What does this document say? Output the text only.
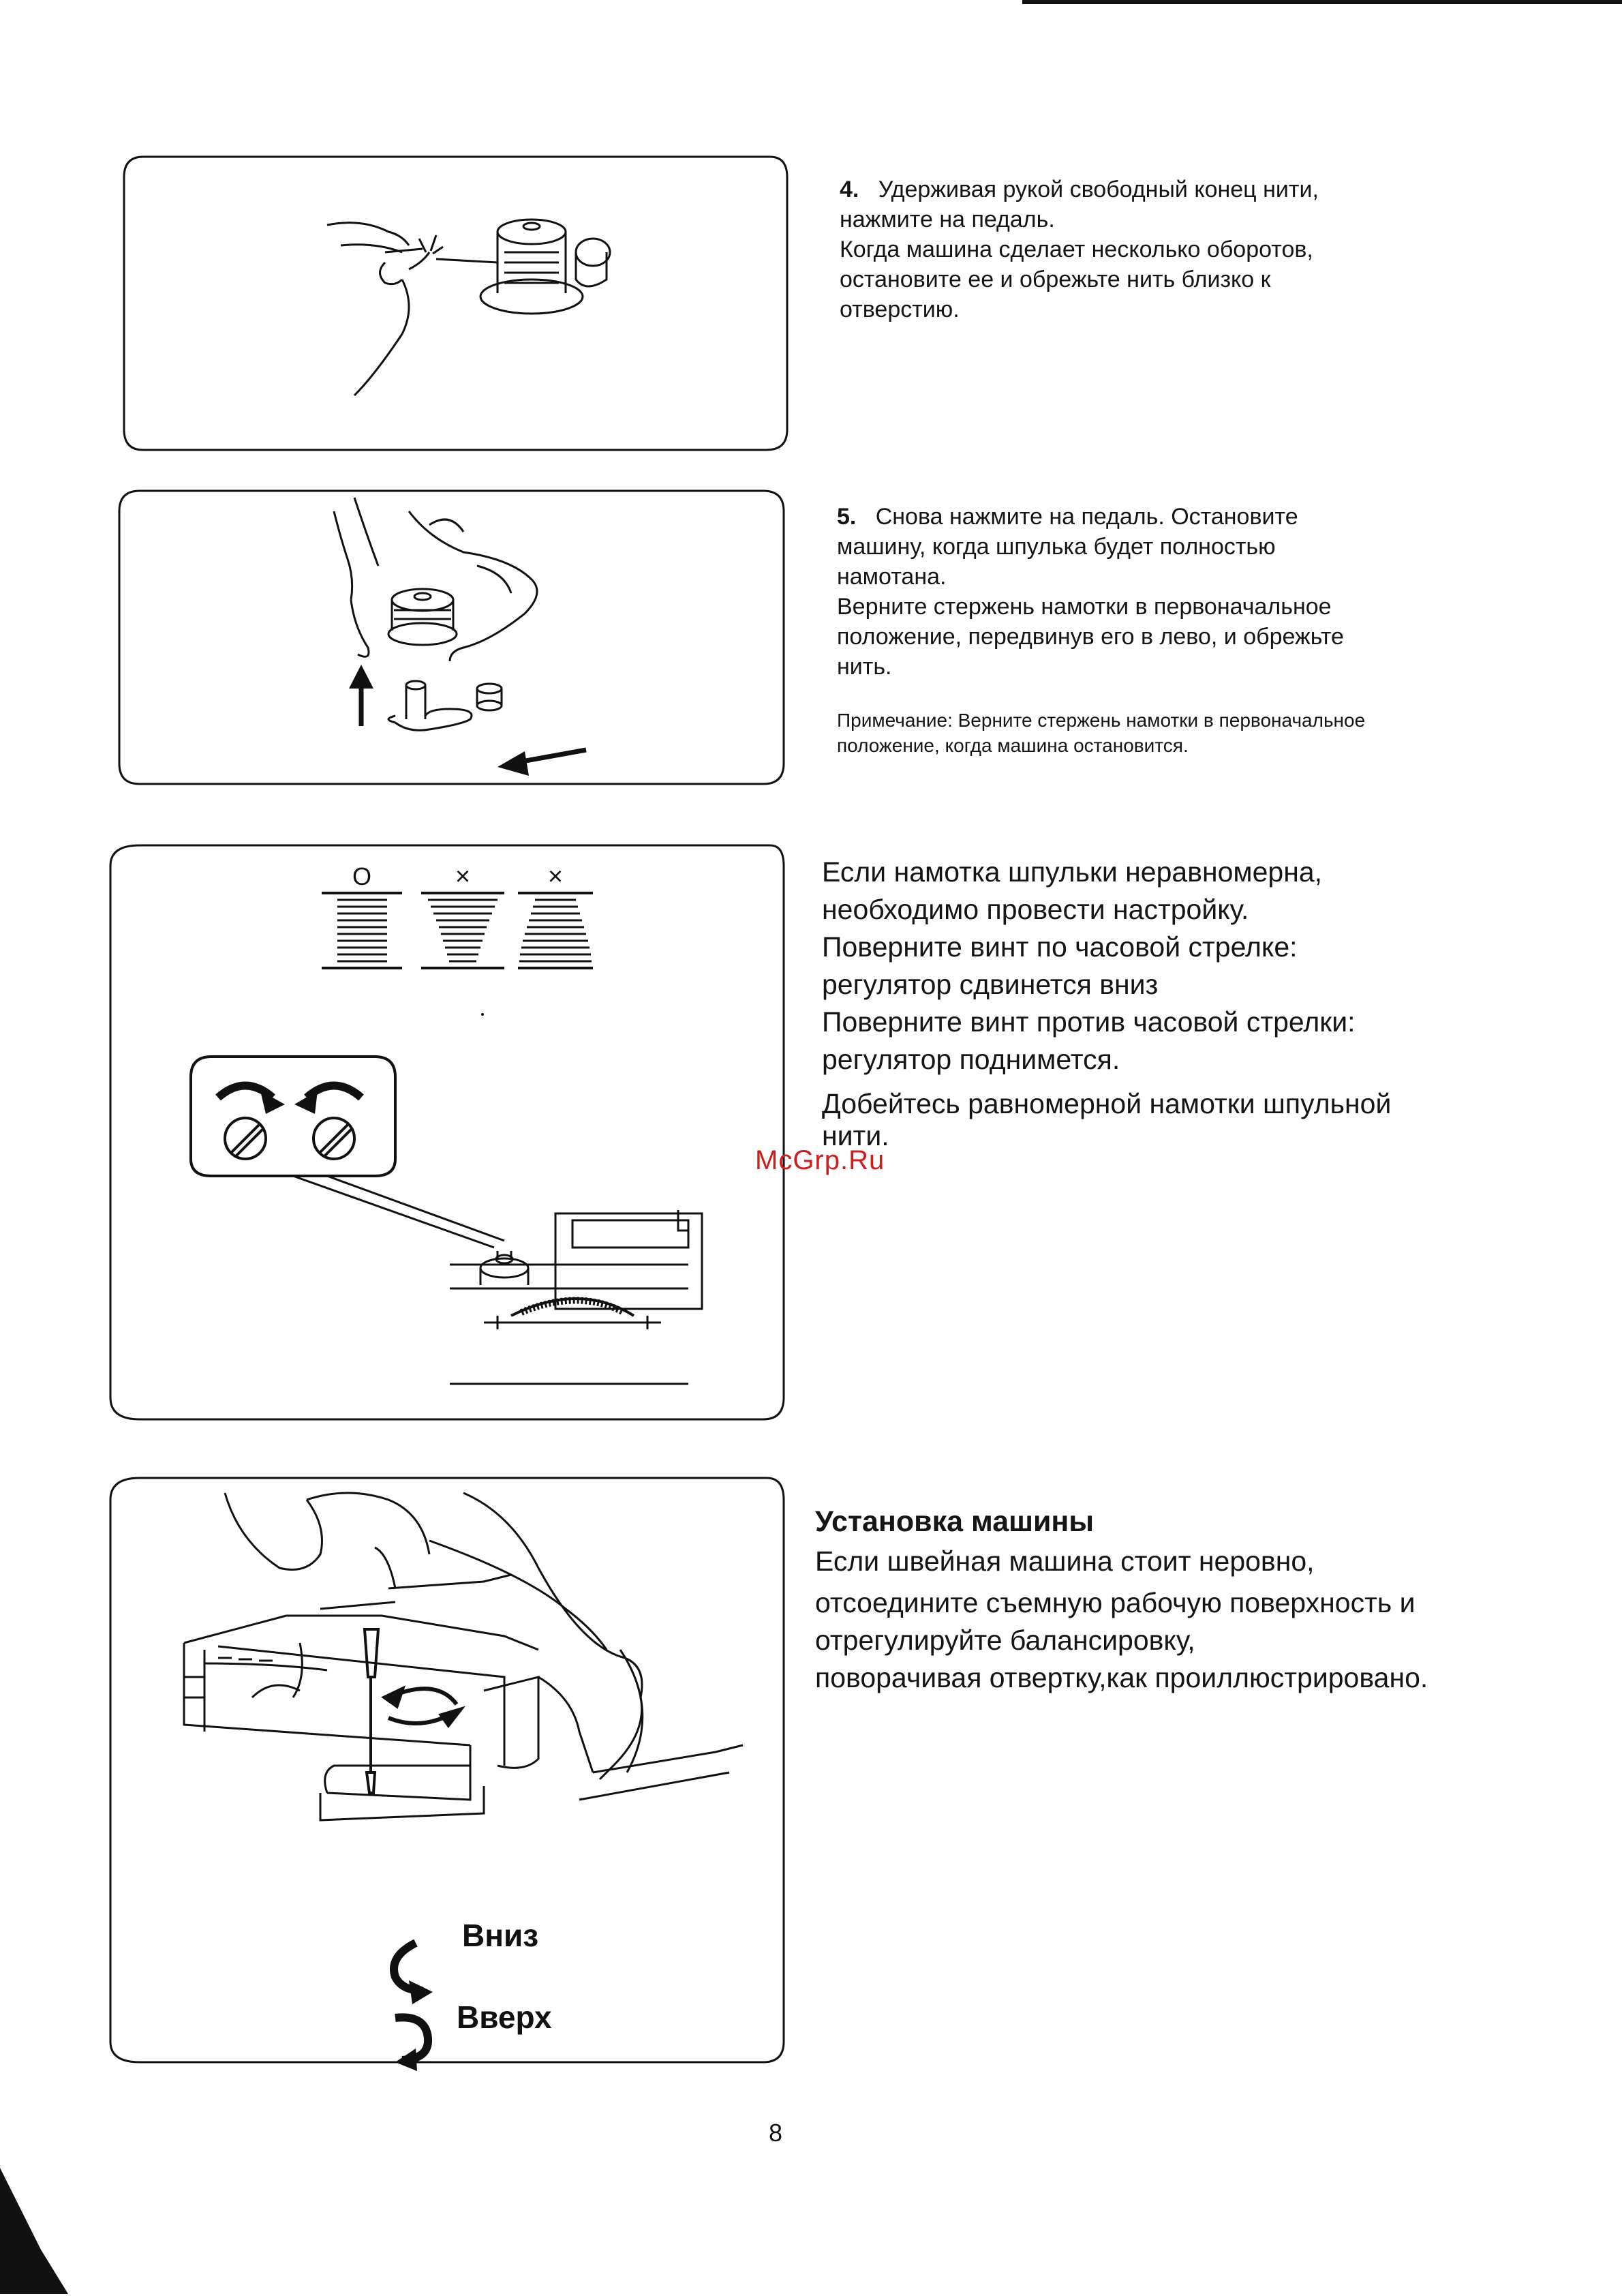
4. Удерживая рукой свободный конец нити,
нажмите на педаль.
Когда машина сделает несколько оборотов,
остановите ее и обрежьте нить близко к
отверстию.
5. Снова нажмите на педаль. Остановите
машину, когда шпулька будет полностью
намотана.
Верните стержень намотки в первоначальное
положение, передвинув его в лево, и обрежьте
нить.
Примечание: Верните стержень намотки в первоначальное
положение, когда машина остановится.
O	×	×	Если намотка шпульки неравномерна,
необходимо провести настройку.
Поверните винт по часовой стрелке:
регулятор сдвинется вниз
Поверните винт против часовой стрелки:
регулятор поднимется.
Добейтесь равномерной намотки шпульной
нити.
McGrp.Ru
Вниз
Вверх
Установка машины
Если швейная машина стоит неровно,
отсоедините съемную рабочую поверхность и
отрегулируйте балансировку,
поворачивая отвертку,как проиллюстрировано.
8
